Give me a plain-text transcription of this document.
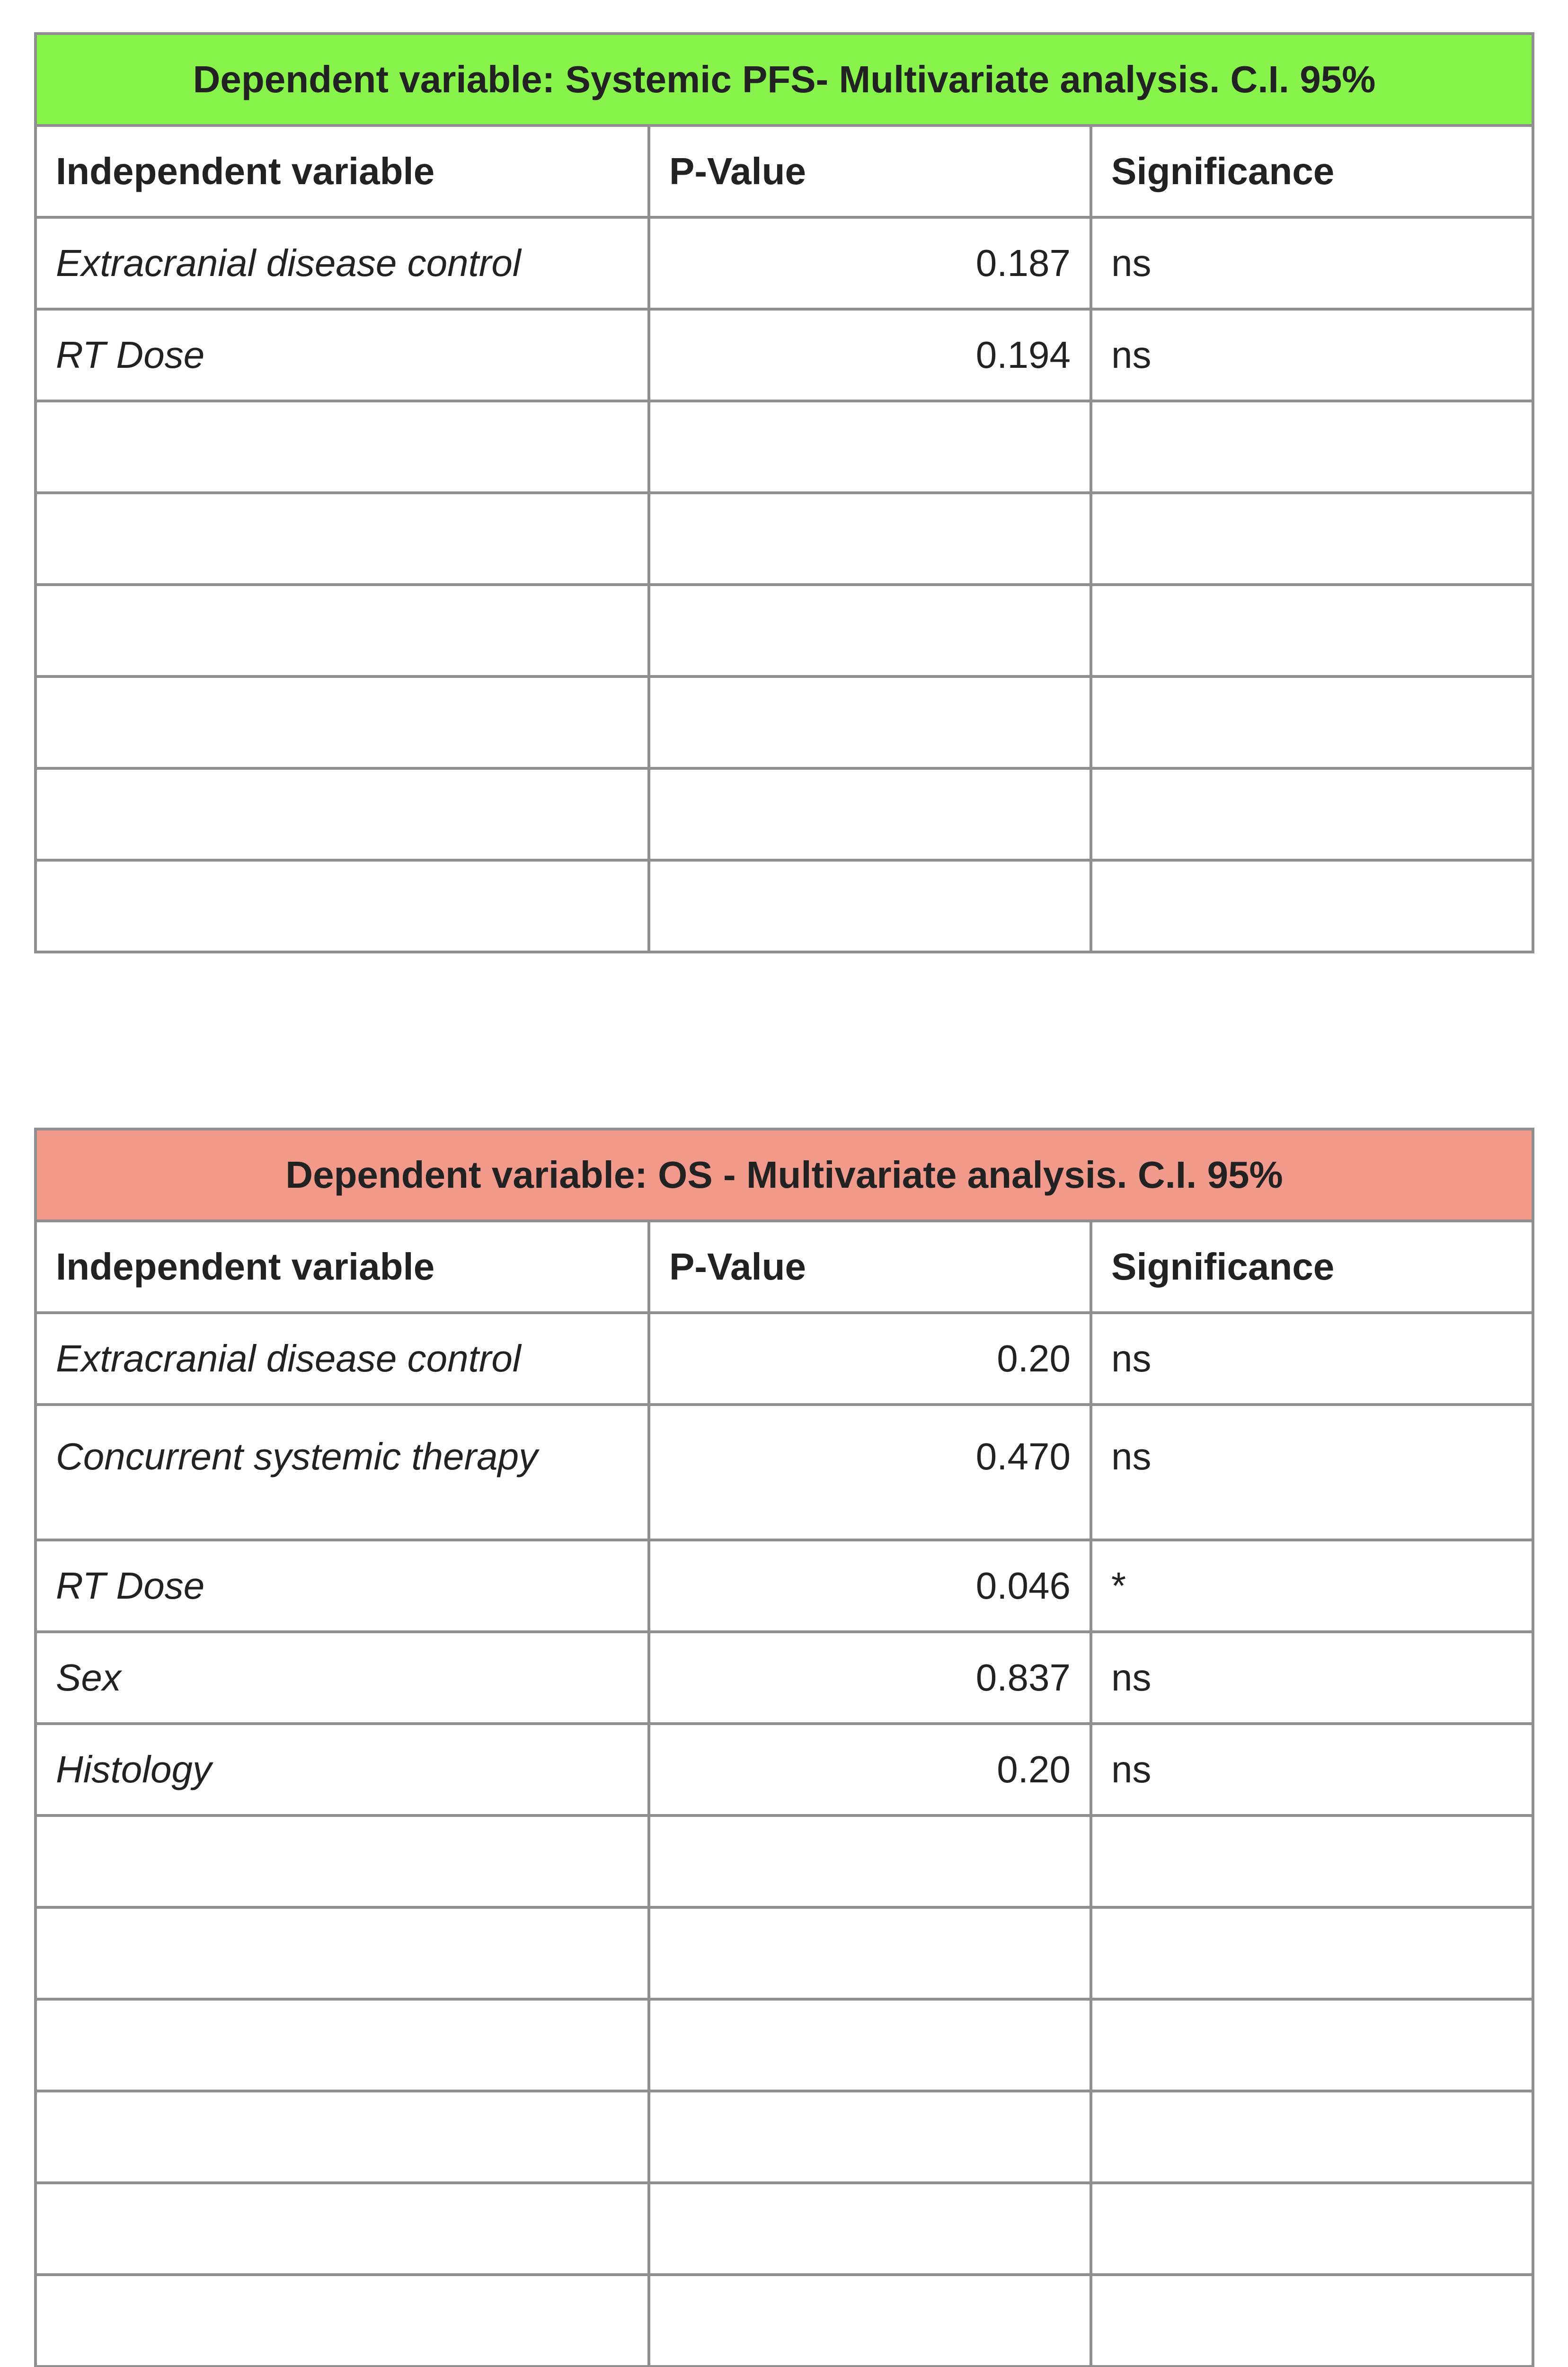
Dependent variable: Systemic PFS- Multivariate analysis. C.I. 95%		
Independent variable	P-Value	Significance
Extracranial disease control	0.187	ns
RT Dose	0.194	ns

Dependent variable: OS - Multivariate analysis. C.I. 95%		
Independent variable	P-Value	Significance
Extracranial disease control	0.20	ns
Concurrent systemic therapy	0.470	ns
RT Dose	0.046	*
Sex	0.837	ns
Histology	0.20	ns
